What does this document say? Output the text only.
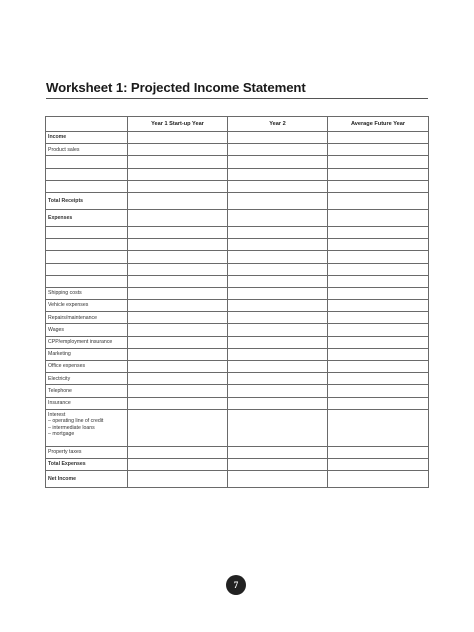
Worksheet 1: Projected Income Statement
	Year 1 Start-up Year	Year 2	Average Future Year
Income			
Product sales			

Total Receipts			
Expenses			

Shipping costs			
Vehicle expenses			
Repairs/maintenance			
Wages			
CPP/employment insurance			
Marketing			
Office expenses			
Electricity			
Telephone			
Insurance			

Interest
– operating line of credit
– intermediate loans
– mortgage			

Property taxes			
Total Expenses			
Net Income			
7
